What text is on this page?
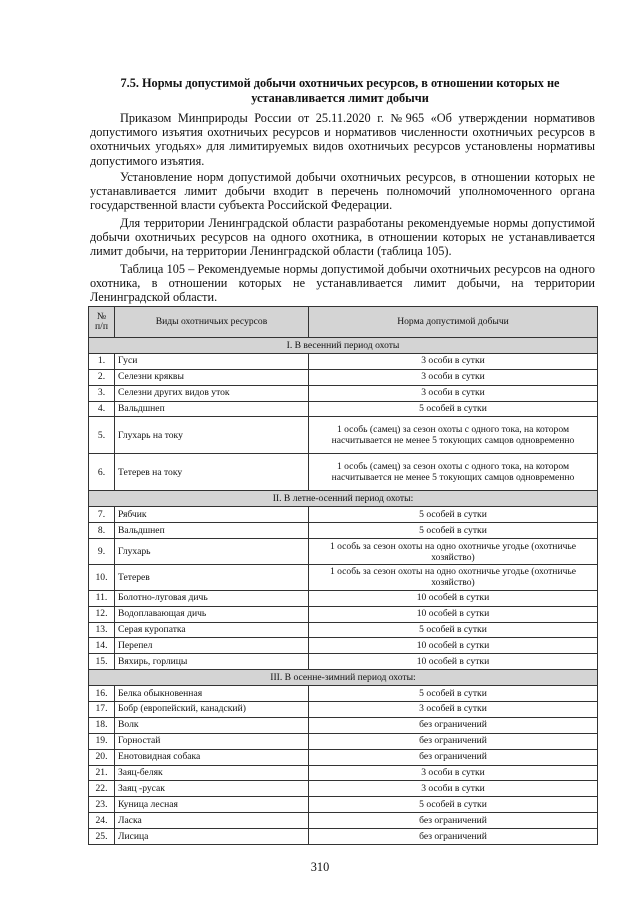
7.5. Нормы допустимой добычи охотничьих ресурсов, в отношении которых не устанавливается лимит добычи

Приказом Минприроды России от 25.11.2020 г. №965 «Об утверждении нормативов допустимого изъятия охотничьих ресурсов и нормативов численности охотничьих ресурсов в охотничьих угодьях» для лимитируемых видов охотничьих ресурсов установлены нормативы допустимого изъятия.

Установление норм допустимой добычи охотничьих ресурсов, в отношении которых не устанавливается лимит добычи входит в перечень полномочий уполномоченного органа государственной власти субъекта Российской Федерации.

Для территории Ленинградской области разработаны рекомендуемые нормы допустимой добычи охотничьих ресурсов на одного охотника, в отношении которых не устанавливается лимит добычи, на территории Ленинградской области (таблица 105).

Таблица 105 – Рекомендуемые нормы допустимой добычи охотничьих ресурсов на одного охотника, в отношении которых не устанавливается лимит добычи, на территории Ленинградской области.

№ п/п	Виды охотничьих ресурсов	Норма допустимой добычи
I. В весенний период охоты		
1.	Гуси	3 особи в сутки
2.	Селезни кряквы	3 особи в сутки
3.	Селезни других видов уток	3 особи в сутки
4.	Вальдшнеп	5 особей в сутки
5.	Глухарь на току	1 особь (самец) за сезон охоты с одного тока, на котором насчитывается не менее 5 токующих самцов одновременно
6.	Тетерев на току	1 особь (самец) за сезон охоты с одного тока, на котором насчитывается не менее 5 токующих самцов одновременно
II. В летне-осенний период охоты:		
7.	Рябчик	5 особей в сутки
8.	Вальдшнеп	5 особей в сутки
9.	Глухарь	1 особь за сезон охоты на одно охотничье угодье (охотничье хозяйство)
10.	Тетерев	1 особь за сезон охоты на одно охотничье угодье (охотничье хозяйство)
11.	Болотно-луговая дичь	10 особей в сутки
12.	Водоплавающая дичь	10 особей в сутки
13.	Серая куропатка	5 особей в сутки
14.	Перепел	10 особей в сутки
15.	Вяхирь, горлицы	10 особей в сутки
III. В осенне-зимний период охоты:		
16.	Белка обыкновенная	5 особей в сутки
17.	Бобр (европейский, канадский)	3 особей в сутки
18.	Волк	без ограничений
19.	Горностай	без ограничений
20.	Енотовидная собака	без ограничений
21.	Заяц-беляк	3 особи в сутки
22.	Заяц -русак	3 особи в сутки
23.	Куница лесная	5 особей в сутки
24.	Ласка	без ограничений
25.	Лисица	без ограничений
310
